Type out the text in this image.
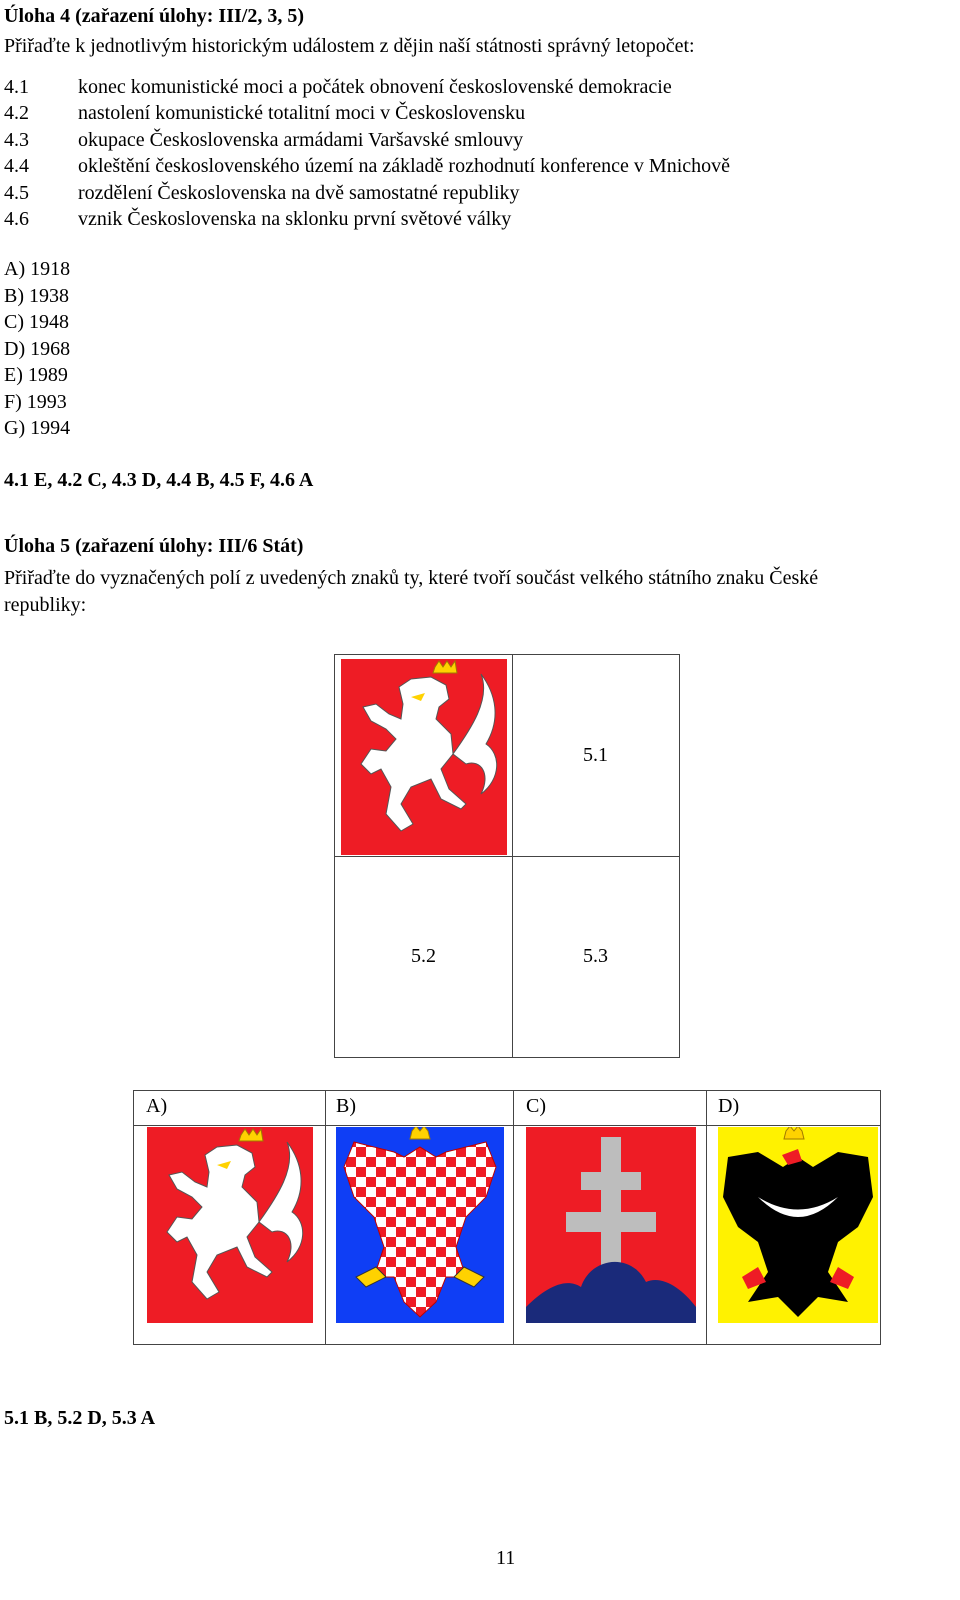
Úloha 4 (zařazení úlohy: III/2, 3, 5)
Přiřaďte k jednotlivým historickým událostem z dějin naší státnosti správný letopočet:
4.1 konec komunistické moci a počátek obnovení československé demokracie
4.2 nastolení komunistické totalitní moci v Československu
4.3 okupace Československa armádami Varšavské smlouvy
4.4 okleštění československého území na základě rozhodnutí konference v Mnichově
4.5 rozdělení Československa na dvě samostatné republiky
4.6 vznik Československa na sklonku první světové války
A) 1918
B) 1938
C) 1948
D) 1968
E) 1989
F) 1993
G) 1994
4.1 E, 4.2 C, 4.3 D, 4.4 B, 4.5 F, 4.6 A
Úloha 5 (zařazení úlohy: III/6 Stát)
Přiřaďte do vyznačených polí z uvedených znaků ty, které tvoří součást velkého státního znaku České
republiky:
5.1
5.2	5.3
A)	B)	C)	D)
5.1 B, 5.2 D, 5.3 A
11
